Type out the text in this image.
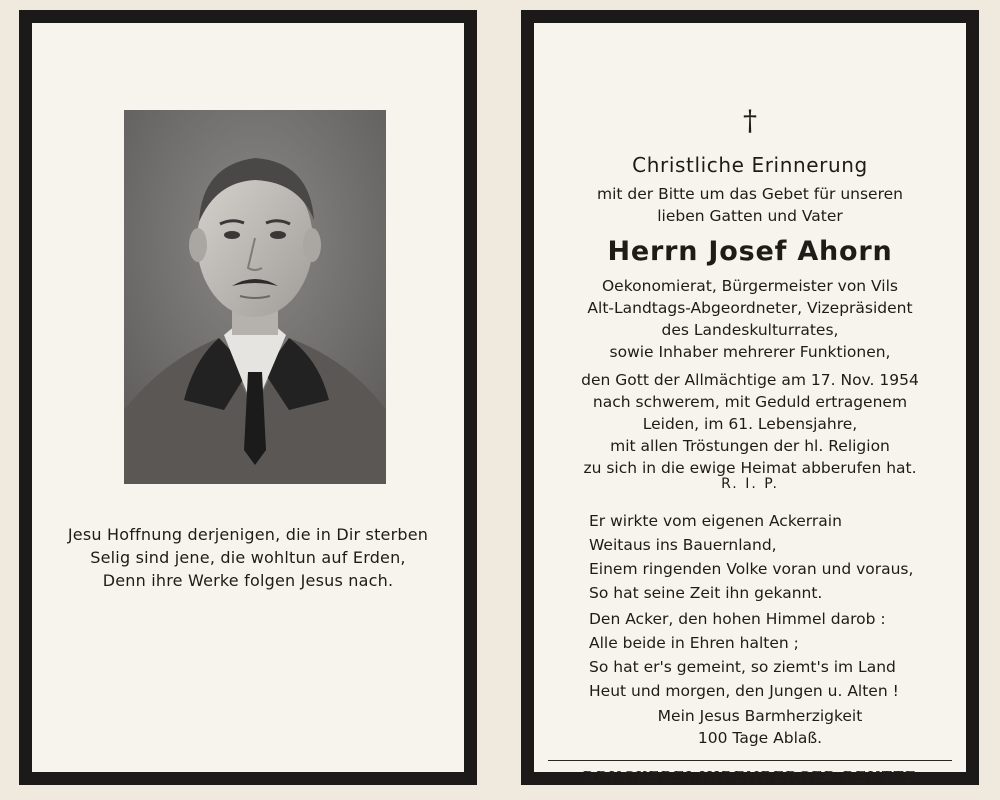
Jesu Hoffnung derjenigen, die in Dir sterben
Selig sind jene, die wohltun auf Erden,
Denn ihre Werke folgen Jesus nach.
†
Christliche Erinnerung
mit der Bitte um das Gebet für unseren
lieben Gatten und Vater
Herrn Josef Ahorn
Oekonomierat, Bürgermeister von Vils
Alt-Landtags-Abgeordneter, Vizepräsident
des Landeskulturrates,
sowie Inhaber mehrerer Funktionen,
den Gott der Allmächtige am 17. Nov. 1954
nach schwerem, mit Geduld ertragenem
Leiden, im 61. Lebensjahre,
mit allen Tröstungen der hl. Religion
zu sich in die ewige Heimat abberufen hat.
R. I. P.
Er wirkte vom eigenen Ackerrain
Weitaus ins Bauernland,
Einem ringenden Volke voran und voraus,
So hat seine Zeit ihn gekannt.
Den Acker, den hohen Himmel darob :
Alle beide in Ehren halten ;
So hat er's gemeint, so ziemt's im Land
Heut und morgen, den Jungen u. Alten !
Mein Jesus Barmherzigkeit
100 Tage Ablaß.
DRUCKEREI IHRENBERGER REUTTE
